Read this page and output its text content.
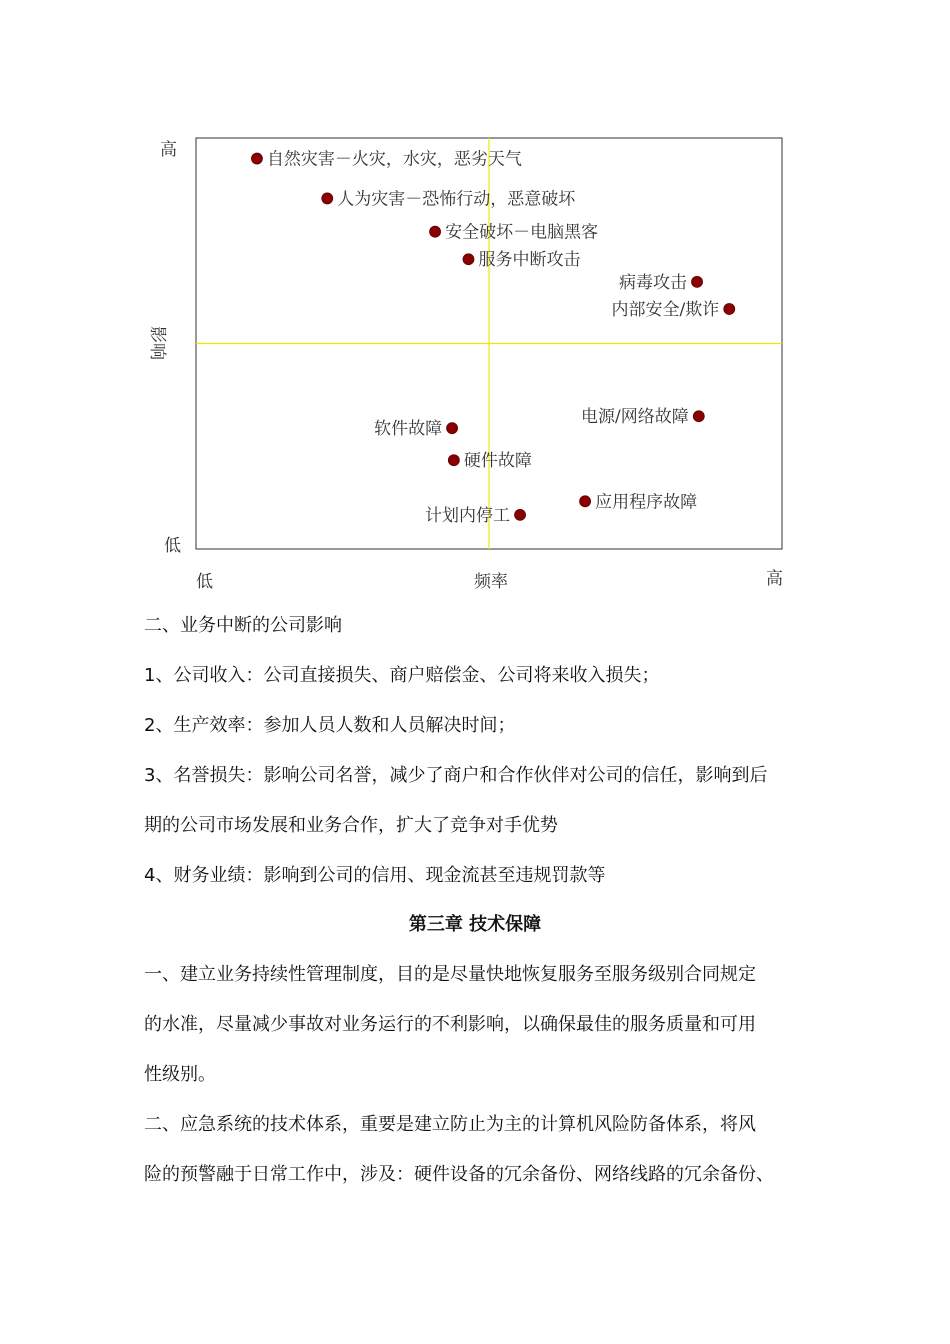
自然灾害－火灾，水灾，恶劣天气
人为灾害－恐怖行动，恶意破坏
安全破坏－电脑黑客
服务中断攻击
病毒攻击
内部安全/欺诈
电源/网络故障
软件故障
硬件故障
应用程序故障
计划内停工
高
低
影响
低	频率	高
二、业务中断的公司影响
1、公司收入：公司直接损失、商户赔偿金、公司将来收入损失；
2、生产效率：参加人员人数和人员解决时间；
3、名誉损失：影响公司名誉，减少了商户和合作伙伴对公司的信任，影响到后
期的公司市场发展和业务合作，扩大了竞争对手优势
4、财务业绩：影响到公司的信用、现金流甚至违规罚款等
第三章 技术保障
一、建立业务持续性管理制度，目的是尽量快地恢复服务至服务级别合同规定
的水准，尽量减少事故对业务运行的不利影响，以确保最佳的服务质量和可用
性级别。
二、应急系统的技术体系，重要是建立防止为主的计算机风险防备体系，将风
险的预警融于日常工作中，涉及：硬件设备的冗余备份、网络线路的冗余备份、
